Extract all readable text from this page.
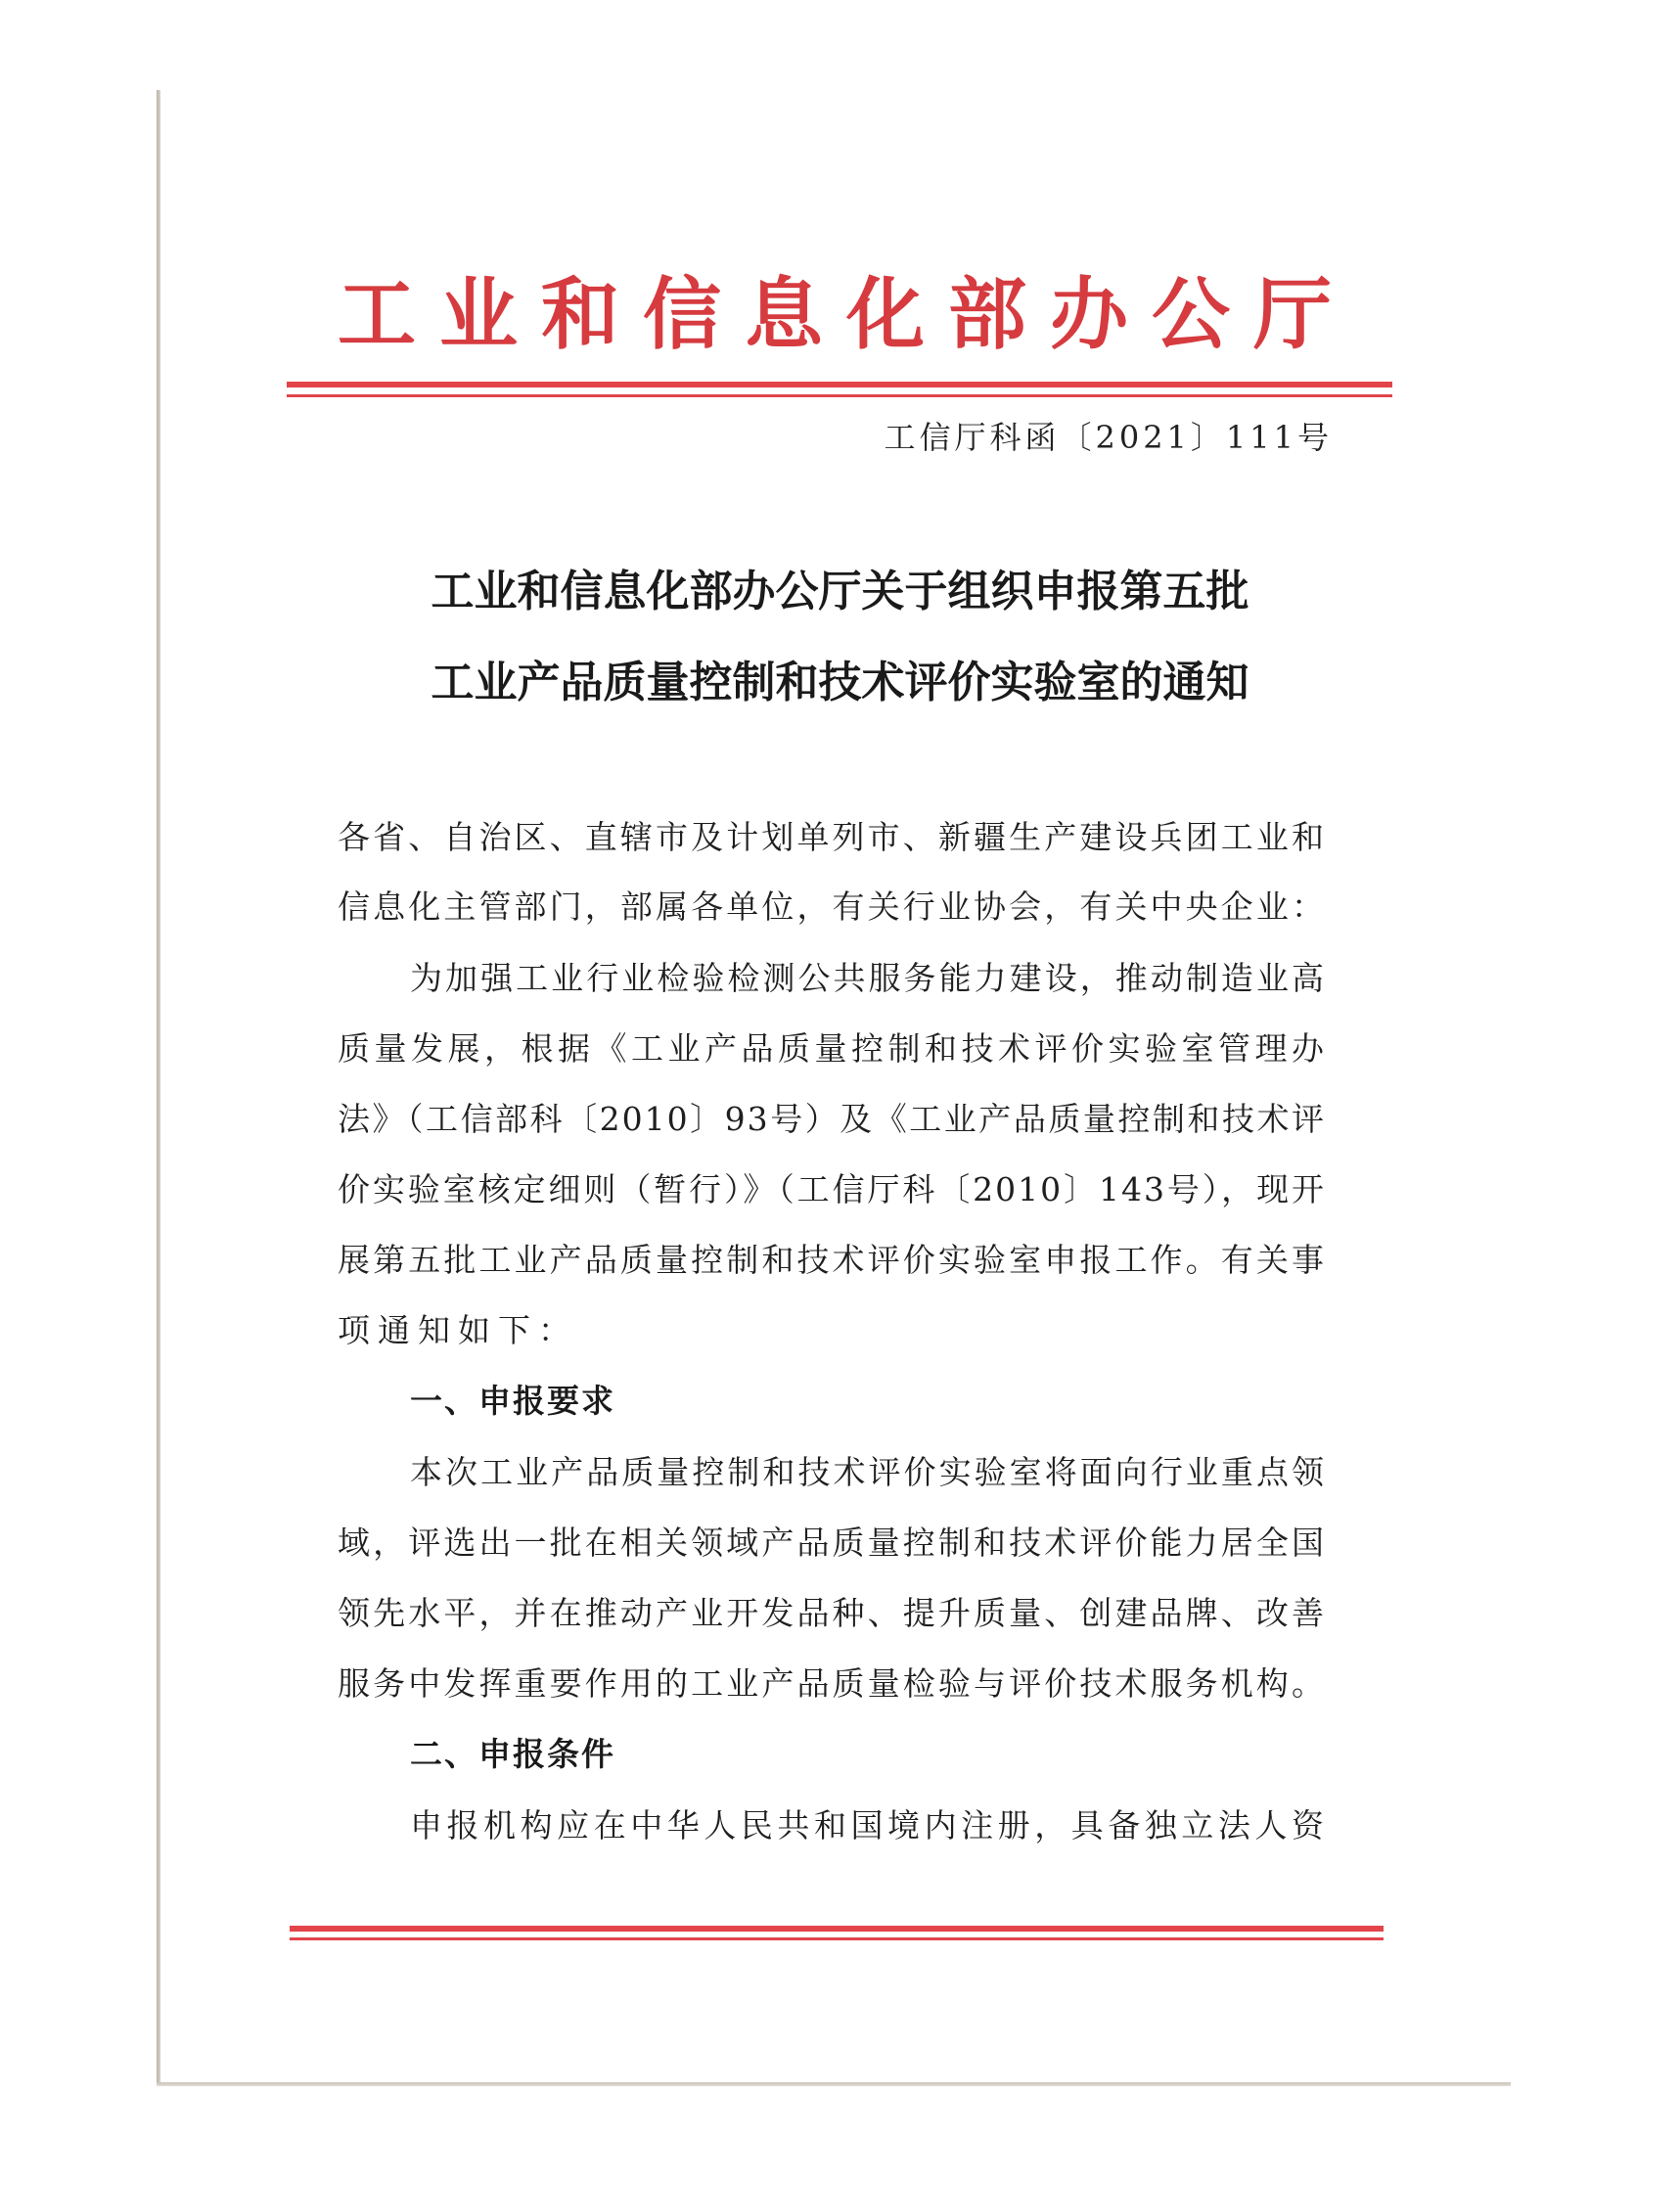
工业和信息化部办公厅
工信厅科函〔2021〕111号
工业和信息化部办公厅关于组织申报第五批
工业产品质量控制和技术评价实验室的通知
各省、自治区、直辖市及计划单列市、新疆生产建设兵团工业和
信息化主管部门，部属各单位，有关行业协会，有关中央企业：
为加强工业行业检验检测公共服务能力建设，推动制造业高
质量发展，根据《工业产品质量控制和技术评价实验室管理办
法》（工信部科〔2010〕93号）及《工业产品质量控制和技术评
价实验室核定细则（暂行）》（工信厅科〔2010〕143号），现开
展第五批工业产品质量控制和技术评价实验室申报工作。有关事
项通知如下：
一、申报要求
本次工业产品质量控制和技术评价实验室将面向行业重点领
域，评选出一批在相关领域产品质量控制和技术评价能力居全国
领先水平，并在推动产业开发品种、提升质量、创建品牌、改善
服务中发挥重要作用的工业产品质量检验与评价技术服务机构。
二、申报条件
申报机构应在中华人民共和国境内注册，具备独立法人资
